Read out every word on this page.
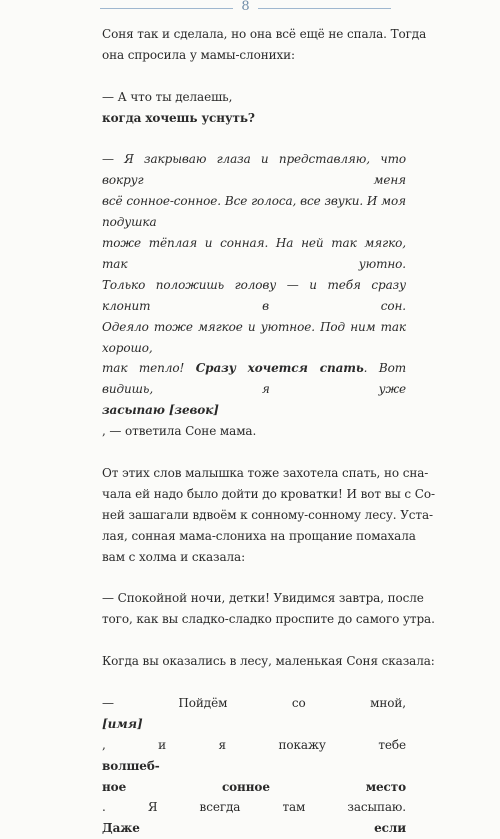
8

Соня так и сделала, но она всё ещё не спала. Тогда
она спросила у мамы-слонихи:

— А что ты делаешь,
когда хочешь уснуть?

— Я закрываю глаза и представляю, что вокруг меня
всё сонное-сонное. Все голоса, все звуки. И моя подушка
тоже тёплая и сонная. На ней так мягко, так уютно.
Только положишь голову — и тебя сразу клонит в сон.
Одеяло тоже мягкое и уютное. Под ним так хорошо,
так тепло! Сразу хочется спать. Вот видишь, я уже
засыпаю [зевок]
, — ответила Соне мама.

От этих слов малышка тоже захотела спать, но сна-
чала ей надо было дойти до кроватки! И вот вы с Со-
ней зашагали вдвоём к сонному-сонному лесу. Уста-
лая, сонная мама-слониха на прощание помахала
вам с холма и сказала:

— Спокойной ночи, детки! Увидимся завтра, после
того, как вы сладко-сладко проспите до самого утра.

Когда вы оказались в лесу, маленькая Соня сказала:

— Пойдём со мной,
[имя]
, и я покажу тебе
волшеб-
ное сонное место
. Я всегда там засыпаю.
Даже если
